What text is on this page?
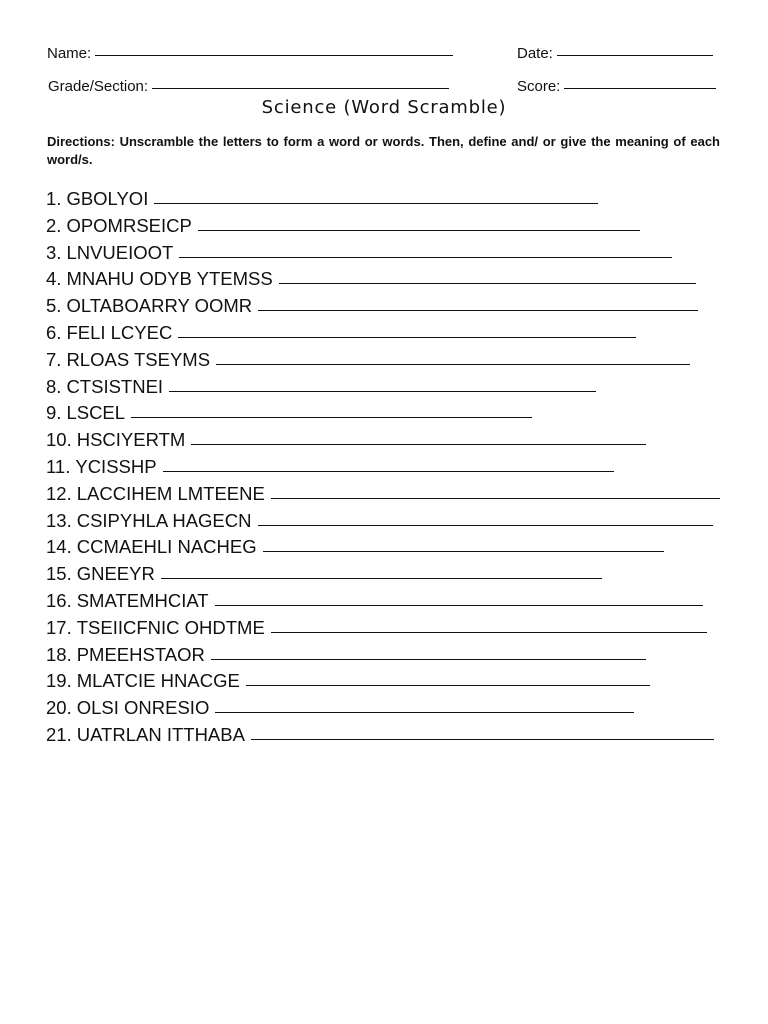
Name:	Date:
Grade/Section:	Score:
Science (Word Scramble)
Directions: Unscramble the letters to form a word or words. Then, define and/ or give the meaning of each word/s.
1. GBOLYOI
2. OPOMRSEICP
3. LNVUEIOOT
4. MNAHU ODYB YTEMSS
5. OLTABOARRY OOMR
6. FELI LCYEC
7. RLOAS TSEYMS
8. CTSISTNEI
9. LSCEL
10. HSCIYERTM
11. YCISSHP
12. LACCIHEM LMTEENE
13. CSIPYHLA HAGECN
14. CCMAEHLI NACHEG
15. GNEEYR
16. SMATEMHCIAT
17. TSEIICFNIC OHDTME
18. PMEEHSTAOR
19. MLATCIE HNACGE
20. OLSI ONRESIO
21. UATRLAN ITTHABA
